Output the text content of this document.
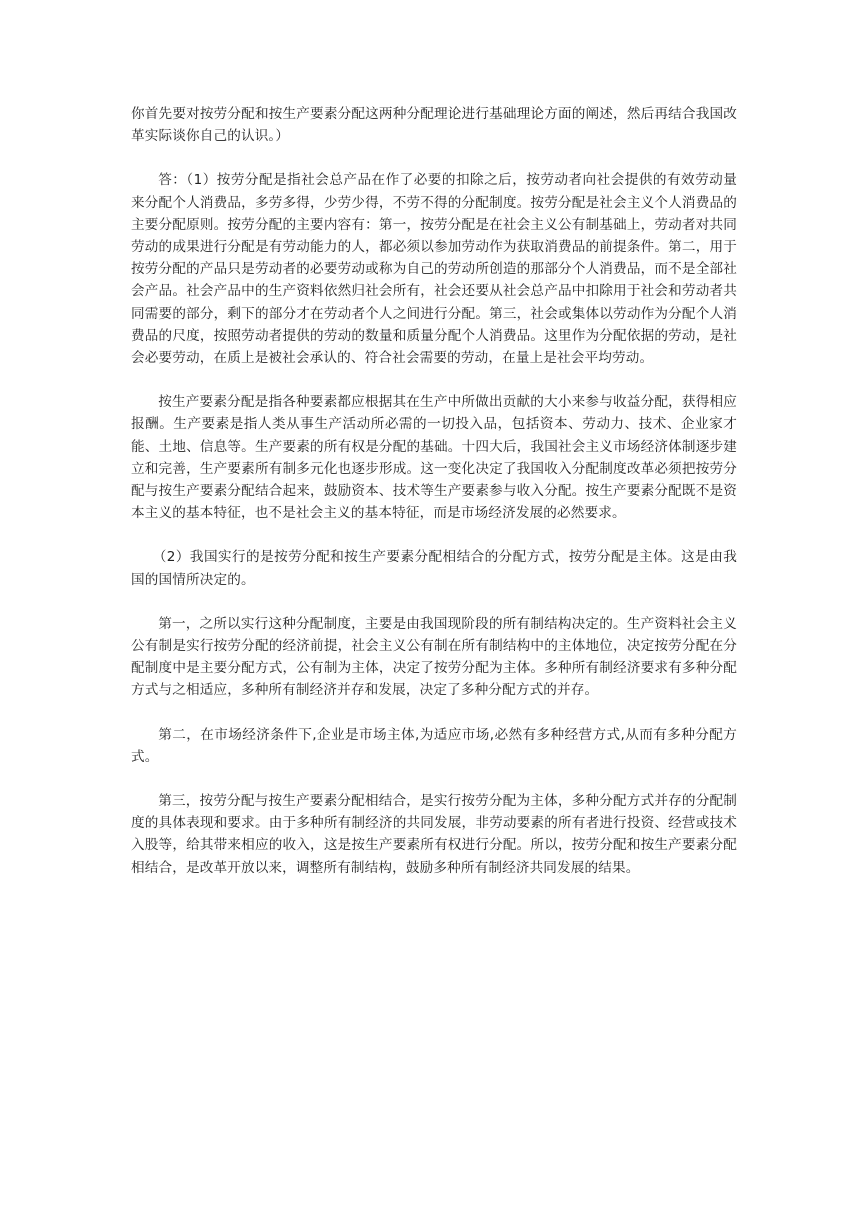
你首先要对按劳分配和按生产要素分配这两种分配理论进行基础理论方面的阐述，然后再结合我国改革实际谈你自己的认识。）

答：（1）按劳分配是指社会总产品在作了必要的扣除之后，按劳动者向社会提供的有效劳动量来分配个人消费品，多劳多得，少劳少得，不劳不得的分配制度。按劳分配是社会主义个人消费品的主要分配原则。按劳分配的主要内容有：第一，按劳分配是在社会主义公有制基础上，劳动者对共同劳动的成果进行分配是有劳动能力的人，都必须以参加劳动作为获取消费品的前提条件。第二，用于按劳分配的产品只是劳动者的必要劳动或称为自己的劳动所创造的那部分个人消费品，而不是全部社会产品。社会产品中的生产资料依然归社会所有，社会还要从社会总产品中扣除用于社会和劳动者共同需要的部分，剩下的部分才在劳动者个人之间进行分配。第三，社会或集体以劳动作为分配个人消费品的尺度，按照劳动者提供的劳动的数量和质量分配个人消费品。这里作为分配依据的劳动，是社会必要劳动，在质上是被社会承认的、符合社会需要的劳动，在量上是社会平均劳动。

按生产要素分配是指各种要素都应根据其在生产中所做出贡献的大小来参与收益分配，获得相应报酬。生产要素是指人类从事生产活动所必需的一切投入品，包括资本、劳动力、技术、企业家才能、土地、信息等。生产要素的所有权是分配的基础。十四大后，我国社会主义市场经济体制逐步建立和完善，生产要素所有制多元化也逐步形成。这一变化决定了我国收入分配制度改革必须把按劳分配与按生产要素分配结合起来，鼓励资本、技术等生产要素参与收入分配。按生产要素分配既不是资本主义的基本特征，也不是社会主义的基本特征，而是市场经济发展的必然要求。

（2）我国实行的是按劳分配和按生产要素分配相结合的分配方式，按劳分配是主体。这是由我国的国情所决定的。

第一，之所以实行这种分配制度，主要是由我国现阶段的所有制结构决定的。生产资料社会主义公有制是实行按劳分配的经济前提，社会主义公有制在所有制结构中的主体地位，决定按劳分配在分配制度中是主要分配方式，公有制为主体，决定了按劳分配为主体。多种所有制经济要求有多种分配方式与之相适应，多种所有制经济并存和发展，决定了多种分配方式的并存。

第二，在市场经济条件下,企业是市场主体,为适应市场,必然有多种经营方式,从而有多种分配方式。

第三，按劳分配与按生产要素分配相结合，是实行按劳分配为主体，多种分配方式并存的分配制度的具体表现和要求。由于多种所有制经济的共同发展，非劳动要素的所有者进行投资、经营或技术入股等，给其带来相应的收入，这是按生产要素所有权进行分配。所以，按劳分配和按生产要素分配相结合，是改革开放以来，调整所有制结构，鼓励多种所有制经济共同发展的结果。
